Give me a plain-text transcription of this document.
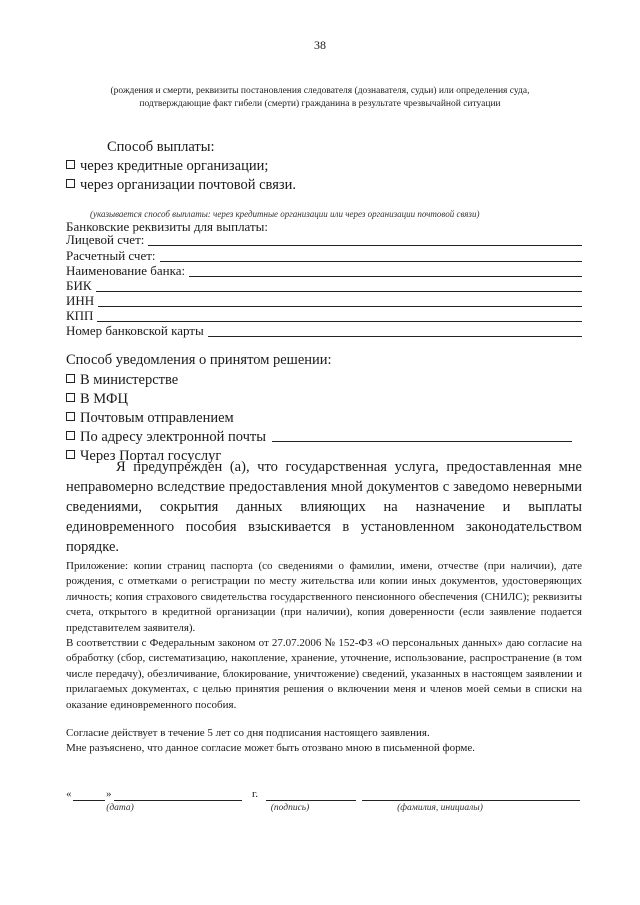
38
(рождения и смерти, реквизиты постановления следователя (дознавателя, судьи) или определения суда,
подтверждающие факт гибели (смерти) гражданина в результате чрезвычайной ситуации
Способ выплаты:
через кредитные организации;
через организации почтовой связи.
(указывается способ выплаты: через кредитные организации или через организации почтовой связи)
Банковские реквизиты для выплаты:
Лицевой счет:
Расчетный счет:
Наименование банка:
БИК
ИНН
КПП
Номер банковской карты
Способ уведомления о принятом решении:
В министерстве
В МФЦ
Почтовым отправлением
По адресу электронной почты
Через Портал госуслуг
Я предупрежден (а), что государственная услуга, предоставленная мне неправомерно вследствие предоставления мной документов с заведомо неверными сведениями, сокрытия данных влияющих на назначение и выплаты единовременного пособия взыскивается в установленном законодательством порядке.
Приложение: копии страниц паспорта (со сведениями о фамилии, имени, отчестве (при наличии), дате рождения, с отметками о регистрации по месту жительства или копии иных документов, удостоверяющих личность; копия страхового свидетельства государственного пенсионного обеспечения (СНИЛС); реквизиты счета, открытого в кредитной организации (при наличии), копия доверенности (если заявление подается представителем заявителя).
В соответствии с Федеральным законом от 27.07.2006 № 152-ФЗ «О персональных данных» даю согласие на обработку (сбор, систематизацию, накопление, хранение, уточнение, использование, распространение (в том числе передачу), обезличивание, блокирование, уничтожение) сведений, указанных в настоящем заявлении и прилагаемых документах, с целью принятия решения о включении меня и членов моей семьи в списки на оказание единовременного пособия.
Согласие действует в течение 5 лет со дня подписания настоящего заявления.
Мне разъяснено, что данное согласие может быть отозвано мною в письменной форме.
«	»	г.
(дата)	(подпись)	(фамилия, инициалы)
